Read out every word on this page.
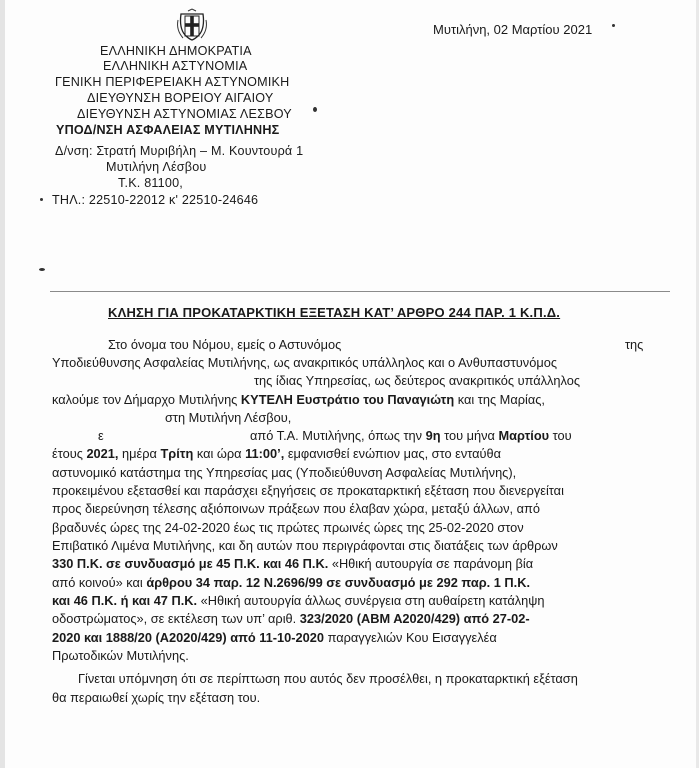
ΕΛΛΗΝΙΚΗ ΔΗΜΟΚΡΑΤΙΑ
ΕΛΛΗΝΙΚΗ ΑΣΤΥΝΟΜΙΑ
ΓΕΝΙΚΗ ΠΕΡΙΦΕΡΕΙΑΚΗ ΑΣΤΥΝΟΜΙΚΗ
ΔΙΕΥΘΥΝΣΗ ΒΟΡΕΙΟΥ ΑΙΓΑΙΟΥ
ΔΙΕΥΘΥΝΣΗ ΑΣΤΥΝΟΜΙΑΣ ΛΕΣΒΟΥ
ΥΠΟΔ/ΝΣΗ ΑΣΦΑΛΕΙΑΣ ΜΥΤΙΛΗΝΗΣ
Δ/νση: Στρατή Μυριβήλη – Μ. Κουντουρά 1
Μυτιλήνη Λέσβου
Τ.Κ. 81100,
ΤΗΛ.: 22510-22012 κ' 22510-24646
Μυτιλήνη, 02 Μαρτίου 2021
ΚΛΗΣΗ ΓΙΑ ΠΡΟΚΑΤΑΡΚΤΙΚΗ ΕΞΕΤΑΣΗ ΚΑΤ’ ΑΡΘΡΟ 244 ΠΑΡ. 1 Κ.Π.Δ.
Στο όνομα του Νόμου, εμείς ο Αστυνόμος	της
Υποδιεύθυνσης Ασφαλείας Μυτιλήνης, ως ανακριτικός υπάλληλος και ο Ανθυπαστυνόμος
της ίδιας Υπηρεσίας, ως δεύτερος ανακριτικός υπάλληλος
καλούμε τον Δήμαρχο Μυτιλήνης ΚΥΤΕΛΗ Ευστράτιο του Παναγιώτη και της Μαρίας,
στη Μυτιλήνη Λέσβου,
ε	από Τ.Α. Μυτιλήνης, όπως την 9η του μήνα Μαρτίου του
έτους 2021, ημέρα Τρίτη και ώρα 11:00’, εμφανισθεί ενώπιον μας, στο ενταύθα
αστυνομικό κατάστημα της Υπηρεσίας μας (Υποδιεύθυνση Ασφαλείας Μυτιλήνης),
προκειμένου εξετασθεί και παράσχει εξηγήσεις σε προκαταρκτική εξέταση που διενεργείται
προς διερεύνηση τέλεσης αξιόποινων πράξεων που έλαβαν χώρα, μεταξύ άλλων, από
βραδυνές ώρες της 24-02-2020 έως τις πρώτες πρωινές ώρες της 25-02-2020 στον
Επιβατικό Λιμένα Μυτιλήνης, και δη αυτών που περιγράφονται στις διατάξεις των άρθρων
330 Π.Κ. σε συνδυασμό με 45 Π.Κ. και 46 Π.Κ. «Ηθική αυτουργία σε παράνομη βία
από κοινού» και άρθρου 34 παρ. 12 Ν.2696/99 σε συνδυασμό με 292 παρ. 1 Π.Κ.
και 46 Π.Κ. ή και 47 Π.Κ. «Ηθική αυτουργία άλλως συνέργεια στη αυθαίρετη κατάληψη
οδοστρώματος», σε εκτέλεση των υπ’ αριθ. 323/2020 (ΑΒΜ Α2020/429) από 27-02-
2020 και 1888/20 (Α2020/429) από 11-10-2020 παραγγελιών Κου Εισαγγελέα
Πρωτοδικών Μυτιλήνης.
Γίνεται υπόμνηση ότι σε περίπτωση που αυτός δεν προσέλθει, η προκαταρκτική εξέταση
θα περαιωθεί χωρίς την εξέταση του.
